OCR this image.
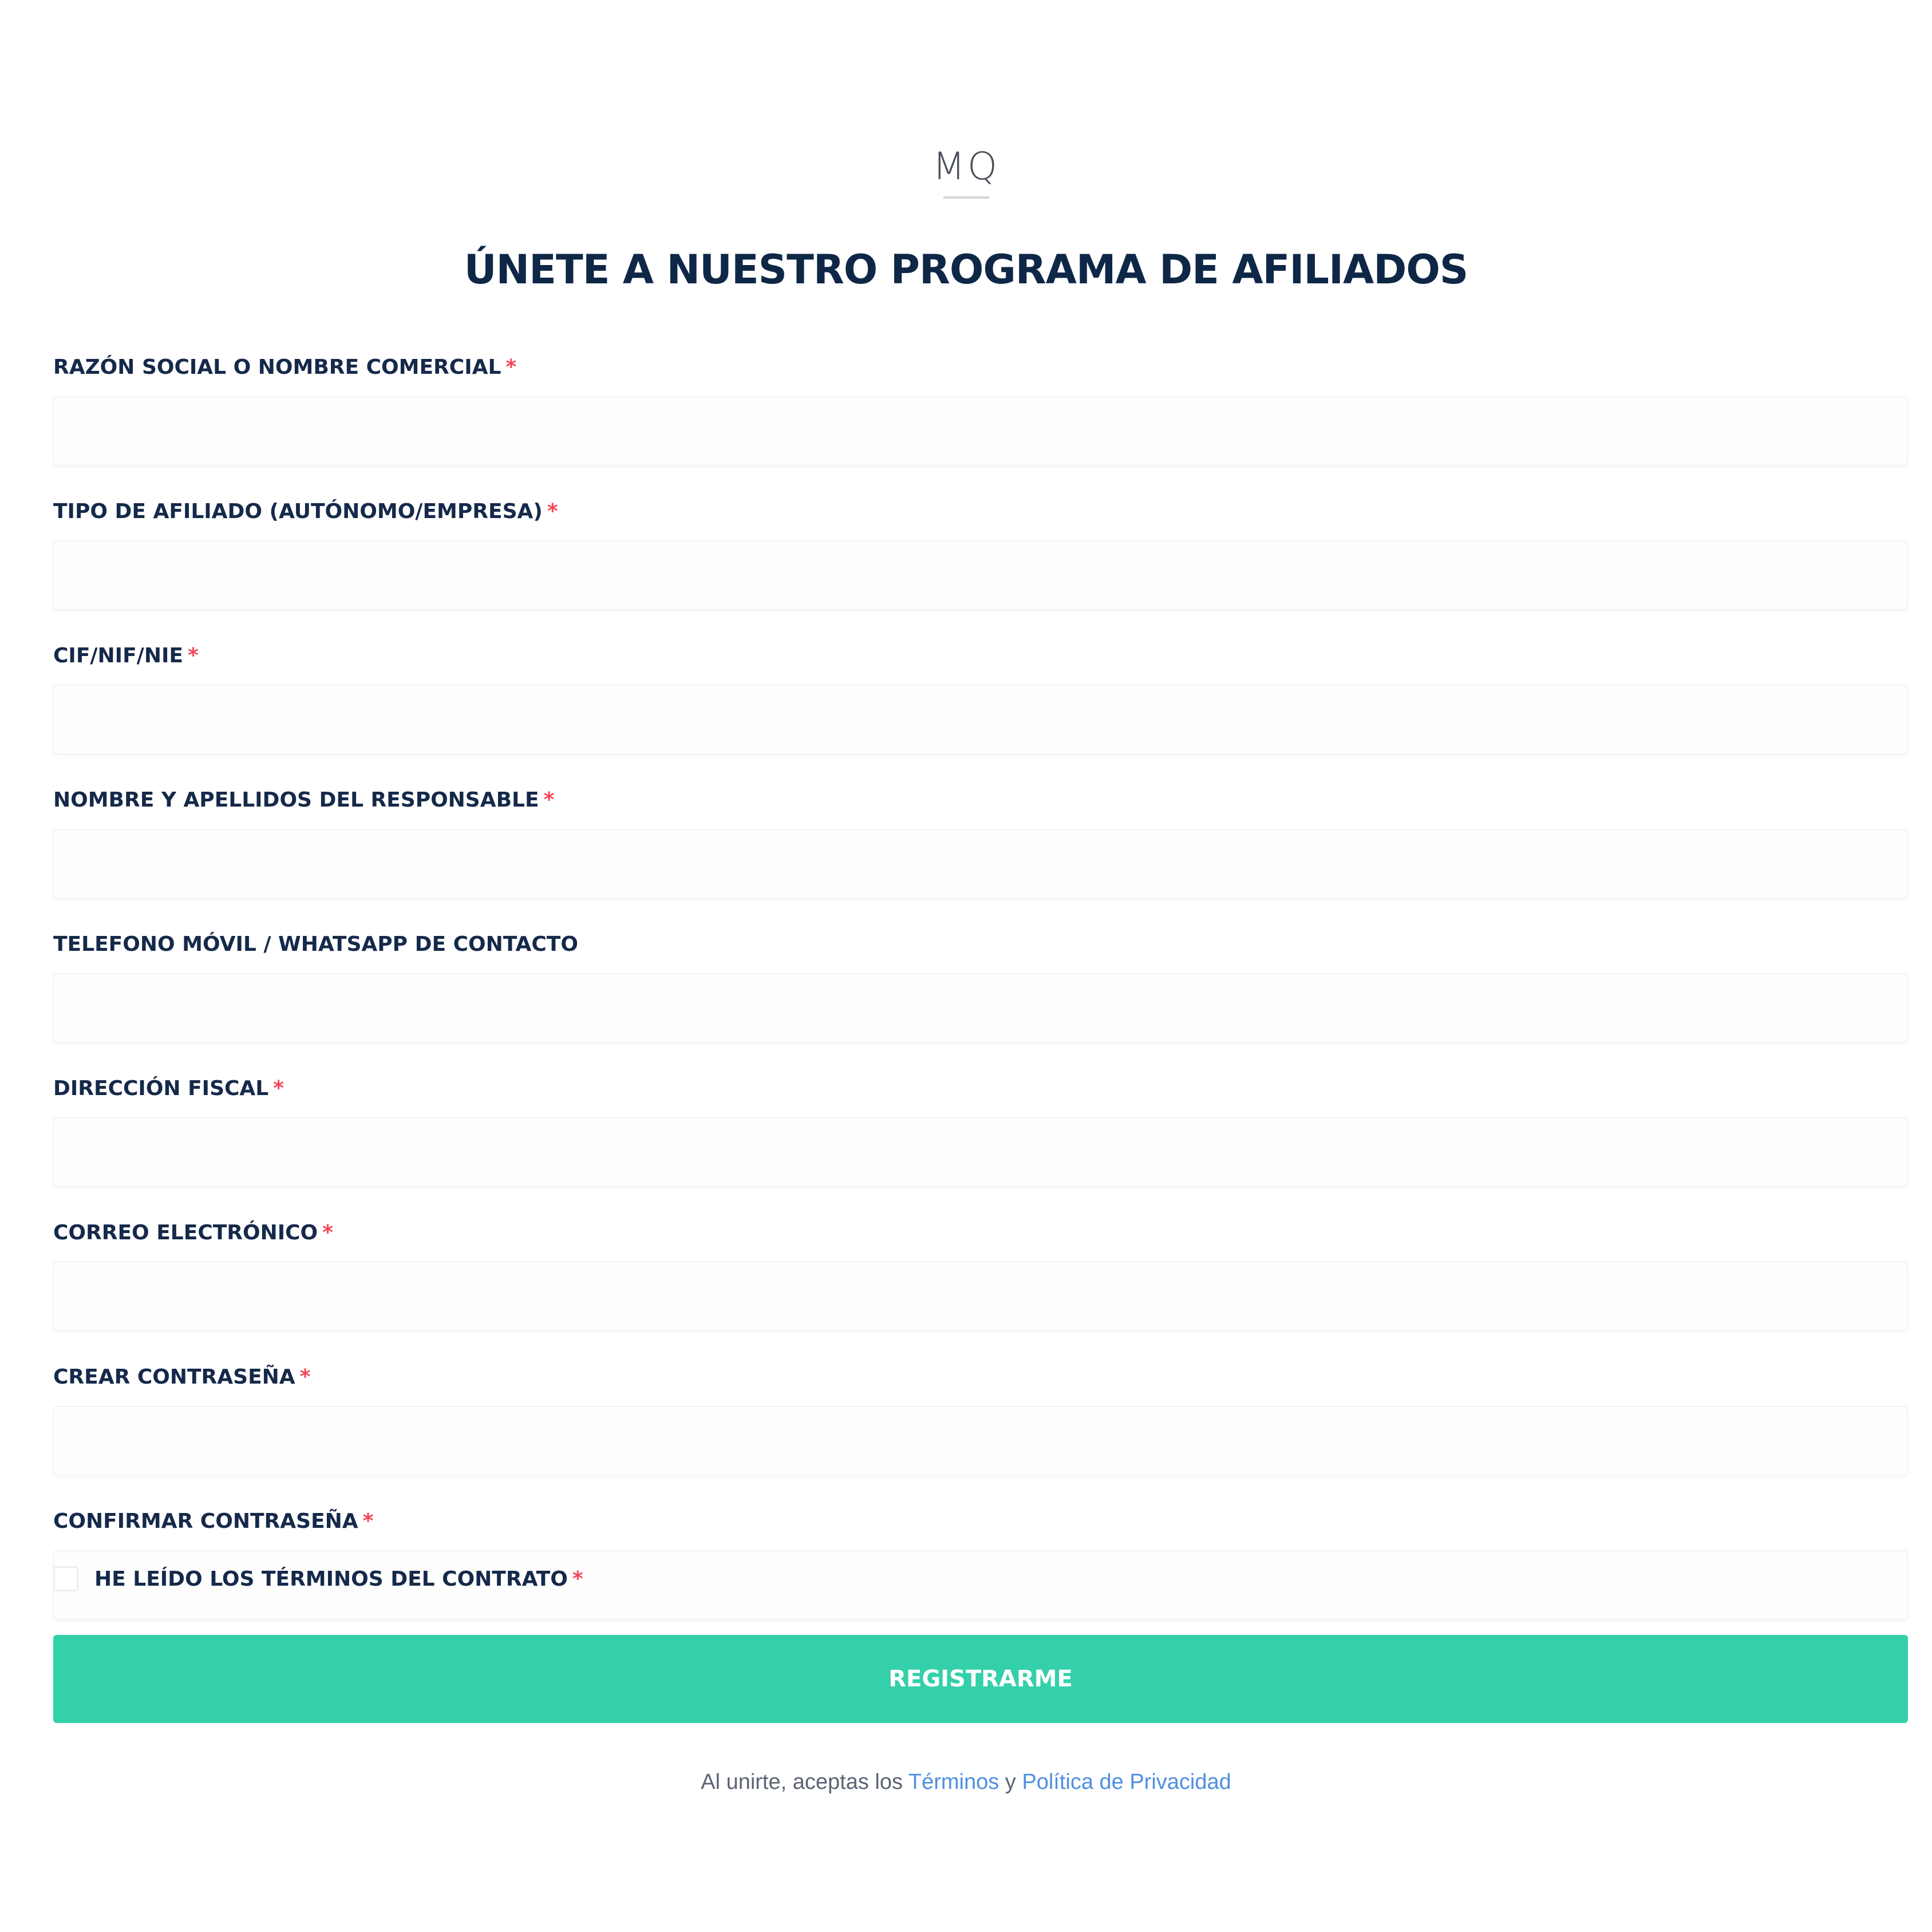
MQ
ÚNETE A NUESTRO PROGRAMA DE AFILIADOS
RAZÓN SOCIAL O NOMBRE COMERCIAL *
TIPO DE AFILIADO (AUTÓNOMO/EMPRESA) *
CIF/NIF/NIE *
NOMBRE Y APELLIDOS DEL RESPONSABLE *
TELEFONO MÓVIL / WHATSAPP DE CONTACTO
DIRECCIÓN FISCAL *
CORREO ELECTRÓNICO *
CREAR CONTRASEÑA *
CONFIRMAR CONTRASEÑA *
HE LEÍDO LOS TÉRMINOS DEL CONTRATO *
REGISTRARME
Al unirte, aceptas los Términos y Política de Privacidad
